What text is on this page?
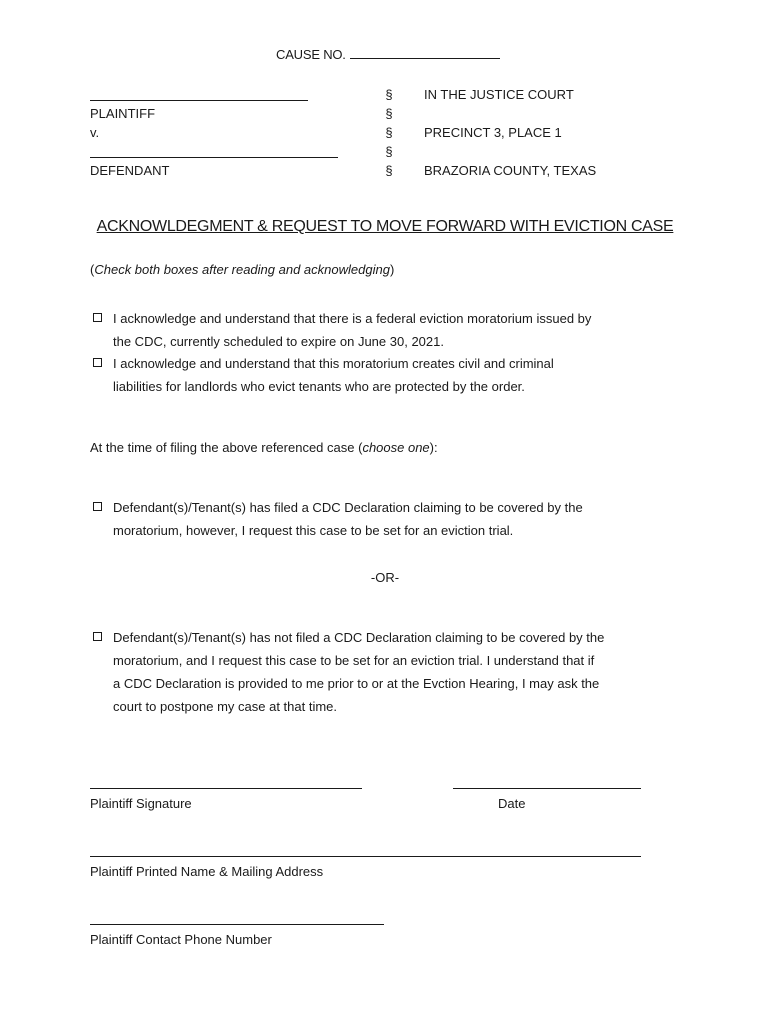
CAUSE NO.
PLAINTIFF
v.
DEFENDANT
§
§
§
§
§
IN THE JUSTICE COURT
PRECINCT 3, PLACE 1
BRAZORIA COUNTY, TEXAS
ACKNOWLDEGMENT & REQUEST TO MOVE FORWARD WITH EVICTION CASE
(Check both boxes after reading and acknowledging)
I acknowledge and understand that there is a federal eviction moratorium issued by
the CDC, currently scheduled to expire on June 30, 2021.
I acknowledge and understand that this moratorium creates civil and criminal
liabilities for landlords who evict tenants who are protected by the order.
At the time of filing the above referenced case (choose one):
Defendant(s)/Tenant(s) has filed a CDC Declaration claiming to be covered by the
moratorium, however, I request this case to be set for an eviction trial.
-OR-
Defendant(s)/Tenant(s) has not filed a CDC Declaration claiming to be covered by the
moratorium, and I request this case to be set for an eviction trial. I understand that if
a CDC Declaration is provided to me prior to or at the Evction Hearing, I may ask the
court to postpone my case at that time.
Plaintiff Signature	Date
Plaintiff Printed Name & Mailing Address
Plaintiff Contact Phone Number
